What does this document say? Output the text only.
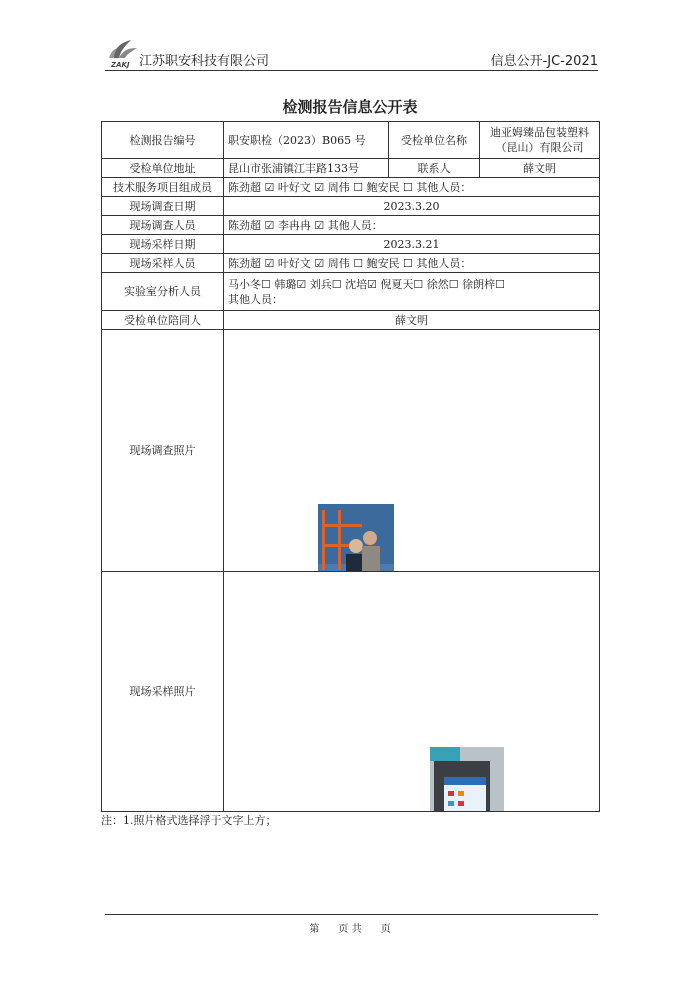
ZAKJ 江苏职安科技有限公司	信息公开-JC-2021
检测报告信息公开表
检测报告编号	职安职检（2023）B065 号	受检单位名称	迪亚姆臻品包装塑料
（昆山）有限公司

受检单位地址	昆山市张浦镇江丰路133号	联系人	薛文明
技术服务项目组成员	陈劲超 ☑ 叶好文 ☑ 周伟 ☐ 鲍安民 ☐ 其他人员：		
现场调查日期	2023.3.20		
现场调查人员	陈劲超 ☑ 李冉冉 ☑ 其他人员：		
现场采样日期	2023.3.21		
现场采样人员	陈劲超 ☑ 叶好文 ☑ 周伟 ☐ 鲍安民 ☐ 其他人员：		
实验室分析人员	马小冬☐ 韩璐☑ 刘兵☐ 沈培☑ 倪夏天☐ 徐然☐ 徐朗梓☐
其他人员：		

受检单位陪同人	薛文明		
现场调查照片	

现场采样照片	
注：1.照片格式选择浮于文字上方；
第 页 共 页
